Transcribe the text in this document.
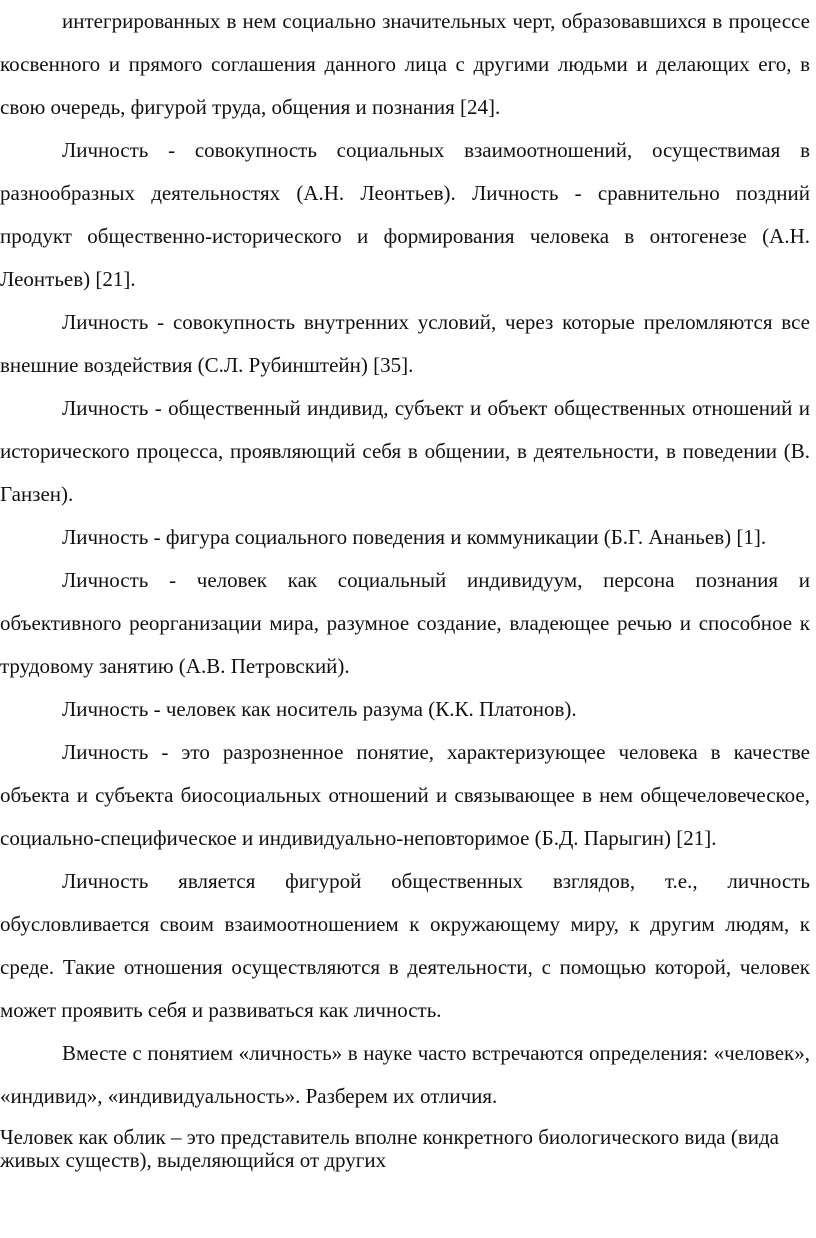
интегрированных в нем социально значительных черт, образовавшихся в процессе косвенного и прямого соглашения данного лица с другими людьми и делающих его, в свою очередь, фигурой труда, общения и познания [24].

Личность - совокупность социальных взаимоотношений, осуществимая в разнообразных деятельностях (А.Н. Леонтьев). Личность - сравнительно поздний продукт общественно-исторического и формирования человека в онтогенезе (А.Н. Леонтьев) [21].

Личность - совокупность внутренних условий, через которые преломляются все внешние воздействия (С.Л. Рубинштейн) [35].

Личность - общественный индивид, субъект и объект общественных отношений и исторического процесса, проявляющий себя в общении, в деятельности, в поведении (В. Ганзен).

Личность - фигура социального поведения и коммуникации (Б.Г. Ананьев) [1].

Личность - человек как социальный индивидуум, персона познания и объективного реорганизации мира, разумное создание, владеющее речью и способное к трудовому занятию (А.В. Петровский).

Личность - человек как носитель разума (К.К. Платонов).

Личность - это разрозненное понятие, характеризующее человека в качестве объекта и субъекта биосоциальных отношений и связывающее в нем общечеловеческое, социально-специфическое и индивидуально-неповторимое (Б.Д. Парыгин) [21].

Личность является фигурой общественных взглядов, т.е., личность обусловливается своим взаимоотношением к окружающему миру, к другим людям, к среде. Такие отношения осуществляются в деятельности, с помощью которой, человек может проявить себя и развиваться как личность.

Вместе с понятием «личность» в науке часто встречаются определения: «человек», «индивид», «индивидуальность». Разберем их отличия.

Человек как облик – это представитель вполне конкретного биологического вида (вида живых существ), выделяющийся от других
